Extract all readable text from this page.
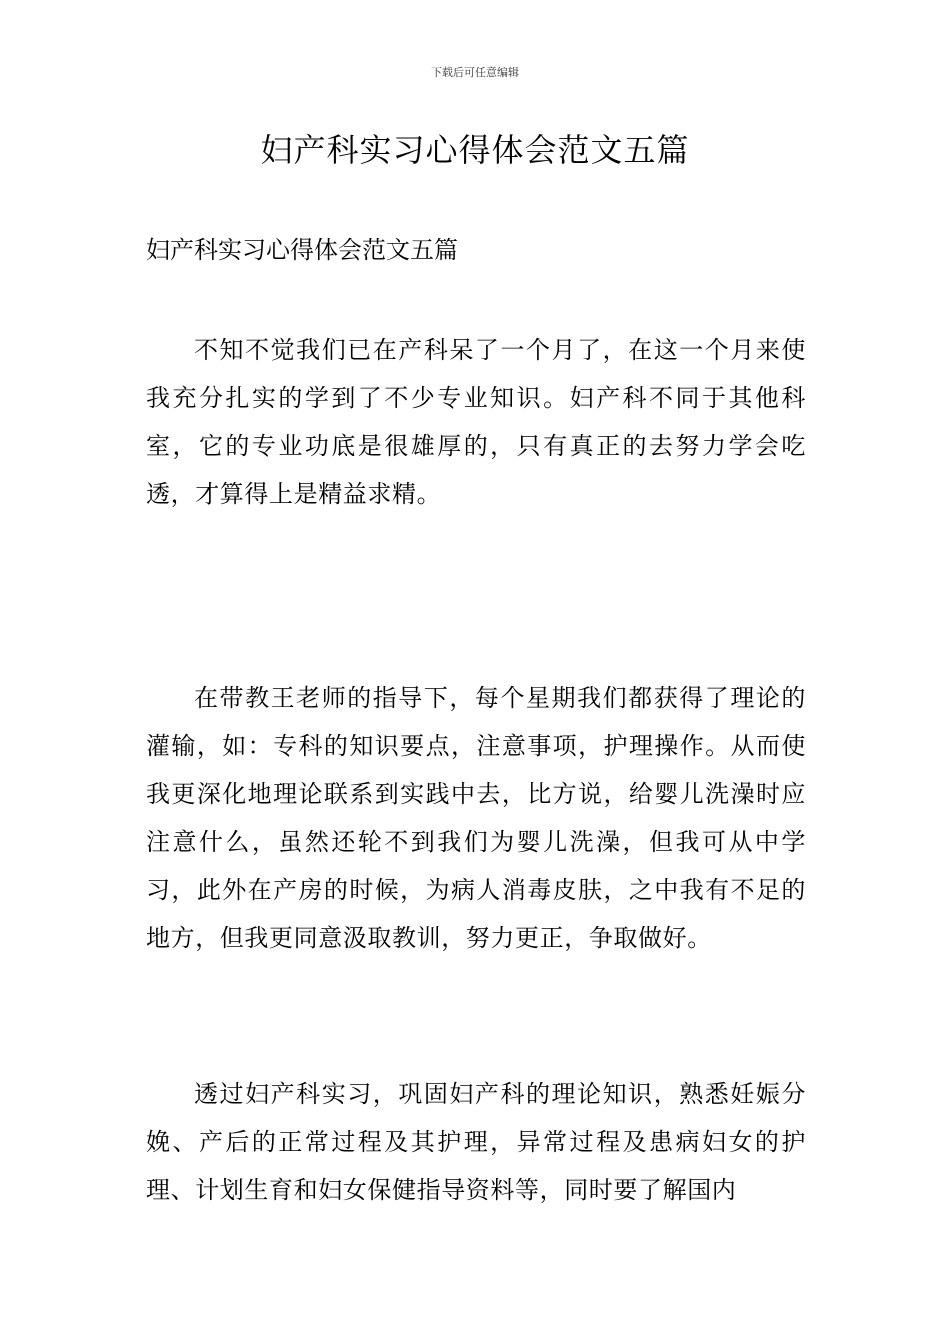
下载后可任意编辑
妇产科实习心得体会范文五篇

妇产科实习心得体会范文五篇

不知不觉我们已在产科呆了一个月了，在这一个月来使我充分扎实的学到了不少专业知识。妇产科不同于其他科室，它的专业功底是很雄厚的，只有真正的去努力学会吃透，才算得上是精益求精。

在带教王老师的指导下，每个星期我们都获得了理论的灌输，如：专科的知识要点，注意事项，护理操作。从而使我更深化地理论联系到实践中去，比方说，给婴儿洗澡时应注意什么，虽然还轮不到我们为婴儿洗澡，但我可从中学习，此外在产房的时候，为病人消毒皮肤，之中我有不足的地方，但我更同意汲取教训，努力更正，争取做好。

透过妇产科实习，巩固妇产科的理论知识，熟悉妊娠分娩、产后的正常过程及其护理，异常过程及患病妇女的护理、计划生育和妇女保健指导资料等，同时要了解国内
